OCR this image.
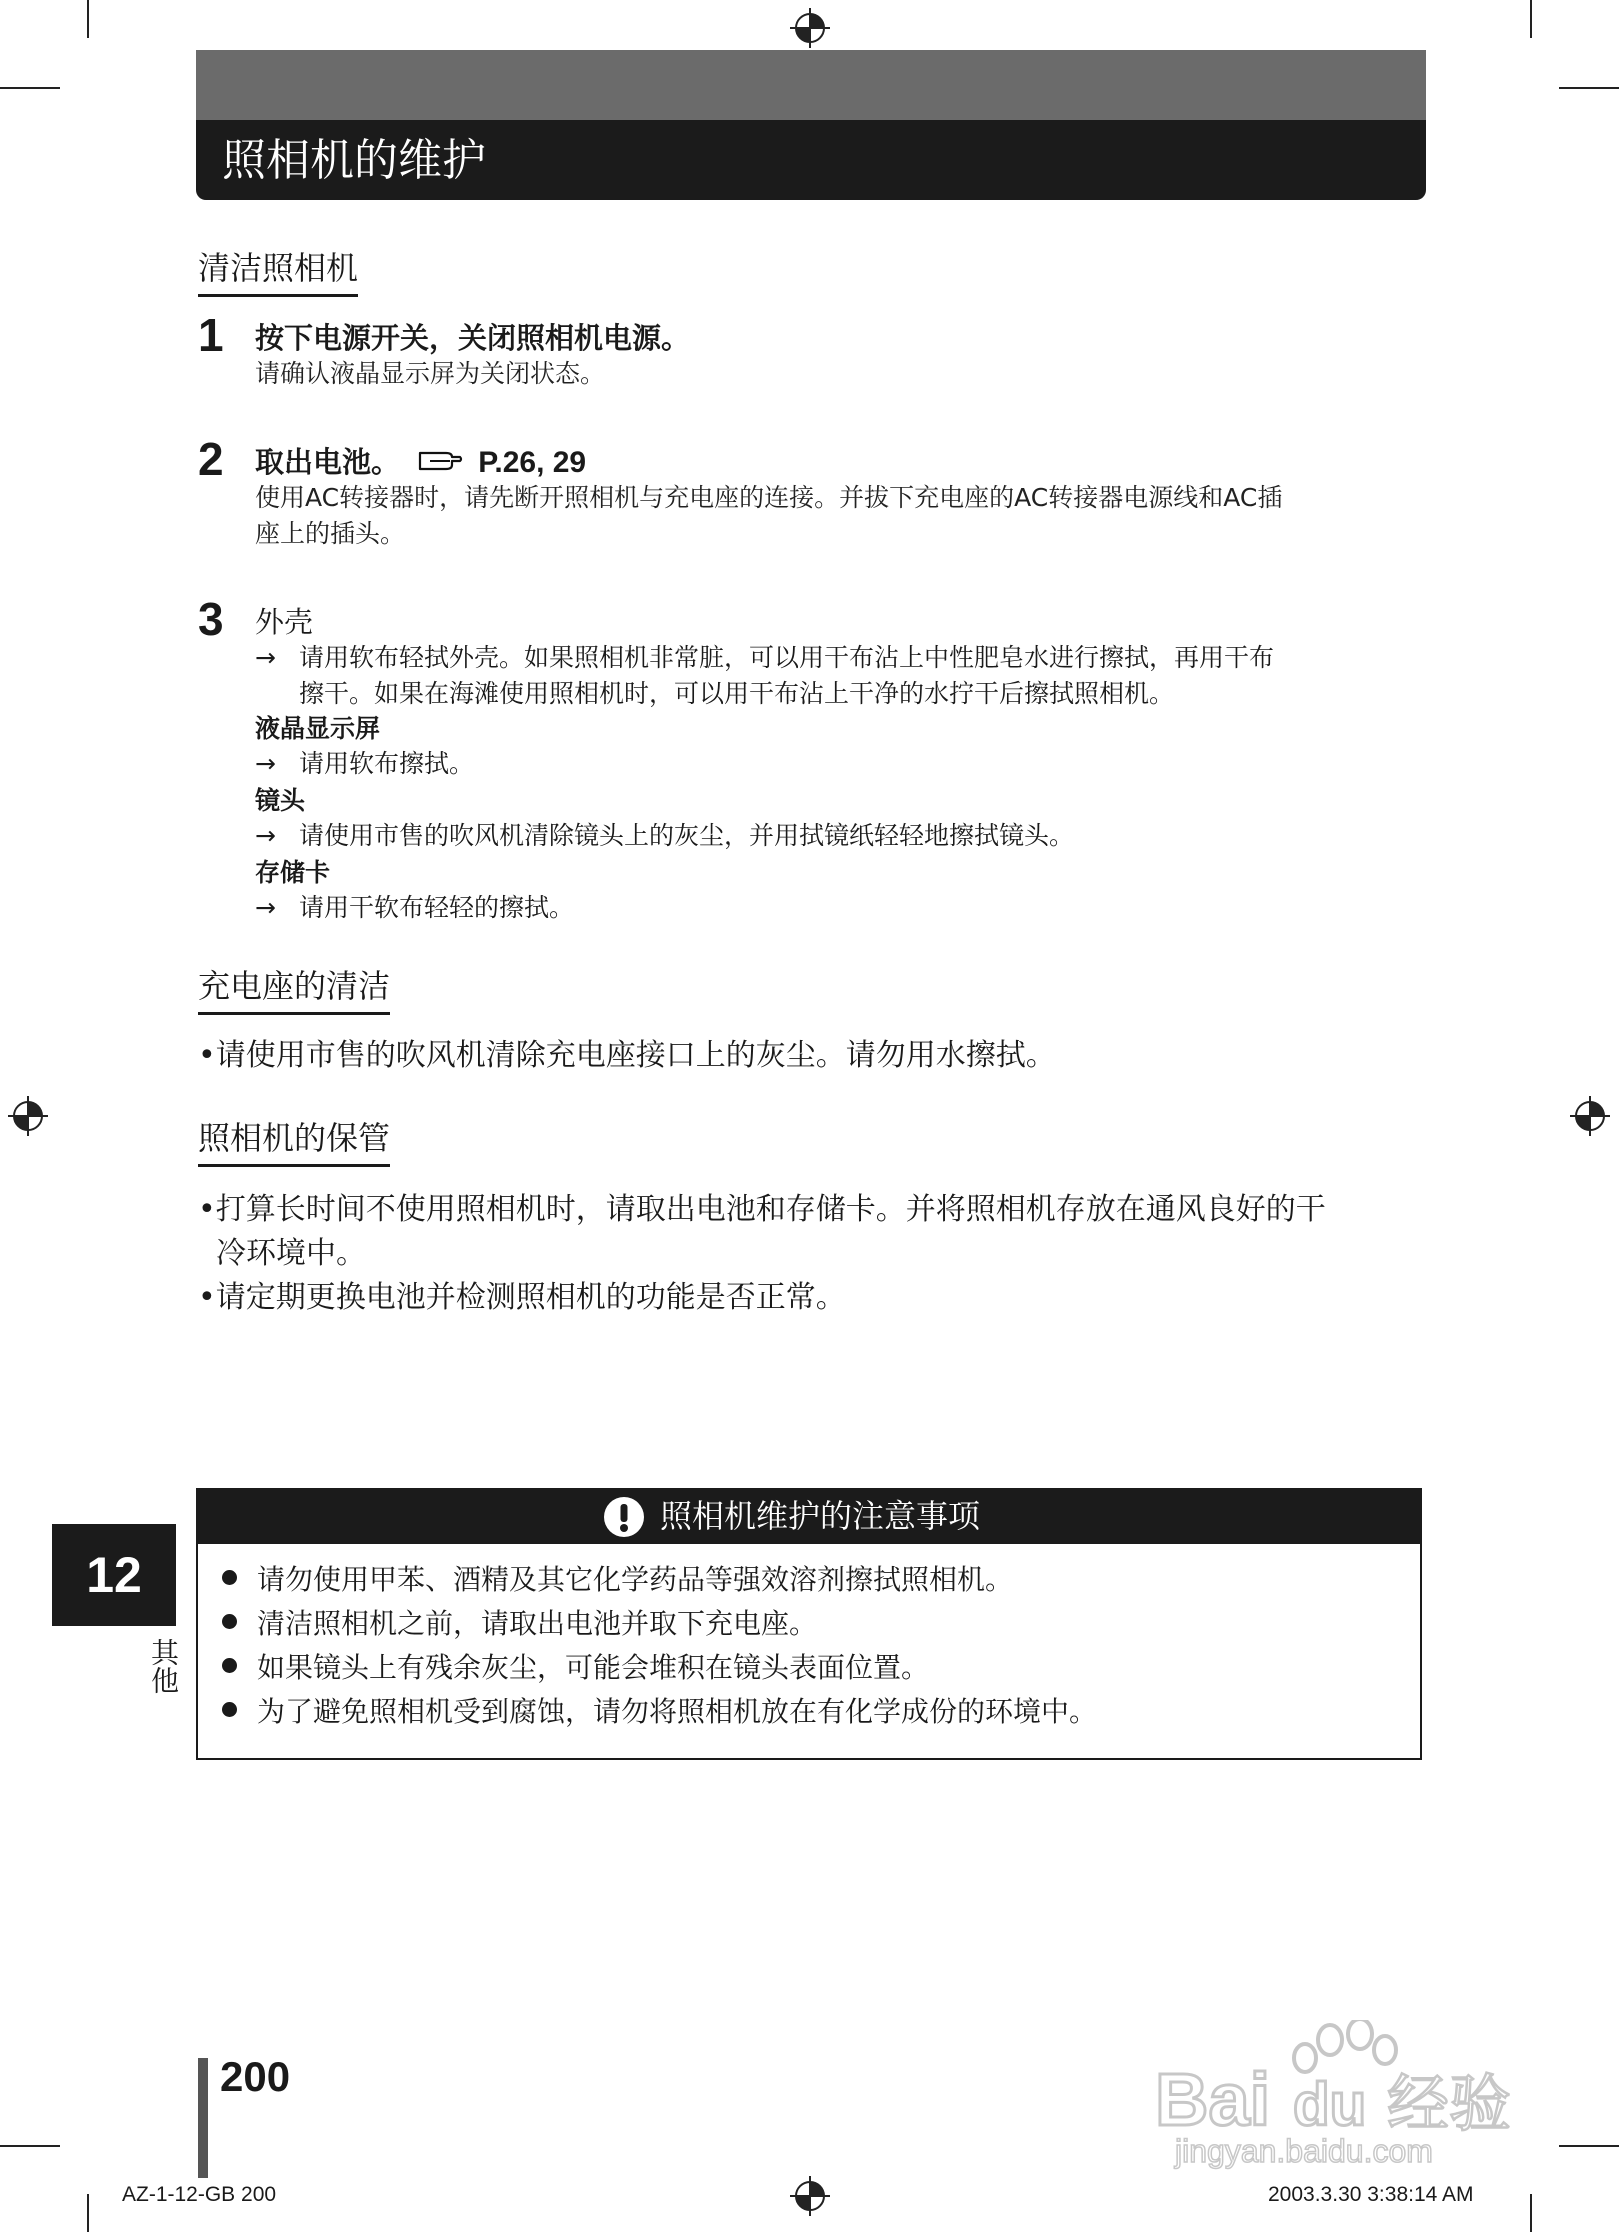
照相机的维护
清洁照相机
1 按下电源开关，关闭照相机电源。
请确认液晶显示屏为关闭状态。
2 取出电池。	P.26, 29
使用AC转接器时，请先断开照相机与充电座的连接。并拔下充电座的AC转接器电源线和AC插
座上的插头。
3 外壳
→ 请用软布轻拭外壳。如果照相机非常脏，可以用干布沾上中性肥皂水进行擦拭，再用干布
擦干。如果在海滩使用照相机时，可以用干布沾上干净的水拧干后擦拭照相机。
液晶显示屏
→ 请用软布擦拭。
镜头
→ 请使用市售的吹风机清除镜头上的灰尘，并用拭镜纸轻轻地擦拭镜头。
存储卡
→ 请用干软布轻轻的擦拭。
充电座的清洁
•请使用市售的吹风机清除充电座接口上的灰尘。请勿用水擦拭。
照相机的保管
•打算长时间不使用照相机时，请取出电池和存储卡。并将照相机存放在通风良好的干
冷环境中。
•请定期更换电池并检测照相机的功能是否正常。
12
其他
照相机维护的注意事项
请勿使用甲苯、酒精及其它化学药品等强效溶剂擦拭照相机。
清洁照相机之前，请取出电池并取下充电座。
如果镜头上有残余灰尘，可能会堆积在镜头表面位置。
为了避免照相机受到腐蚀，请勿将照相机放在有化学成份的环境中。
200	Bai du 经验
jingyan.baidu.com
AZ-1-12-GB 200	2003.3.30 3:38:14 AM
